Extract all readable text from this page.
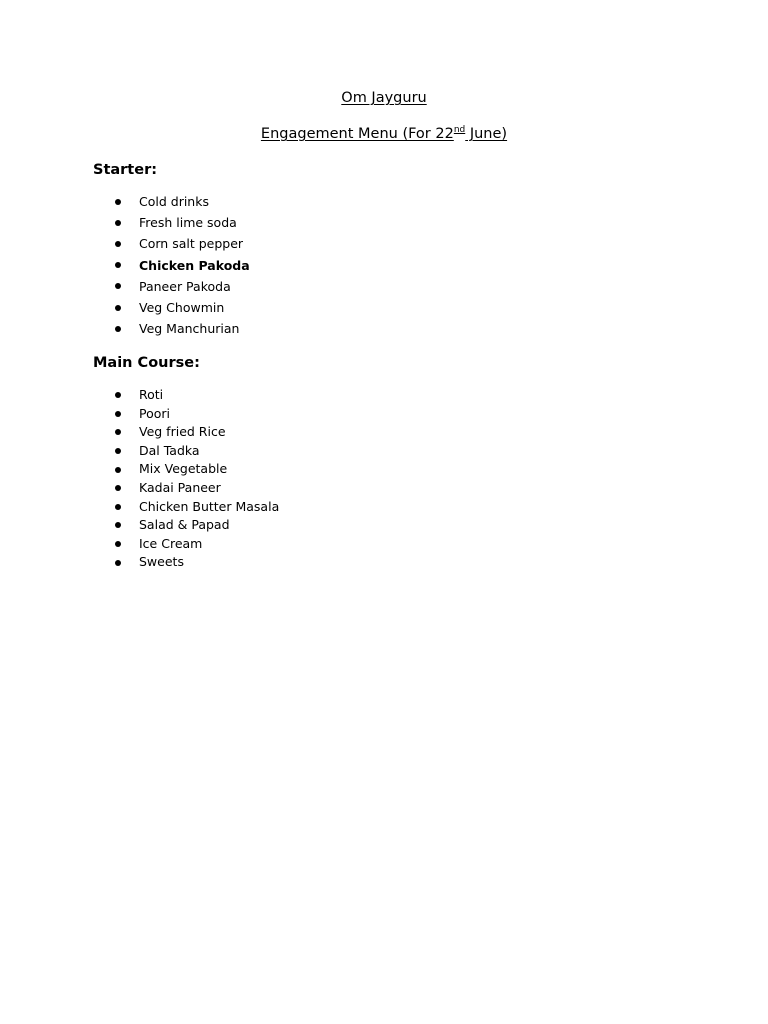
Om Jayguru
Engagement Menu (For 22nd June)
Starter:
Cold drinks
Fresh lime soda
Corn salt pepper
Chicken Pakoda
Paneer Pakoda
Veg Chowmin
Veg Manchurian
Main Course:
Roti
Poori
Veg fried Rice
Dal Tadka
Mix Vegetable
Kadai Paneer
Chicken Butter Masala
Salad & Papad
Ice Cream
Sweets
